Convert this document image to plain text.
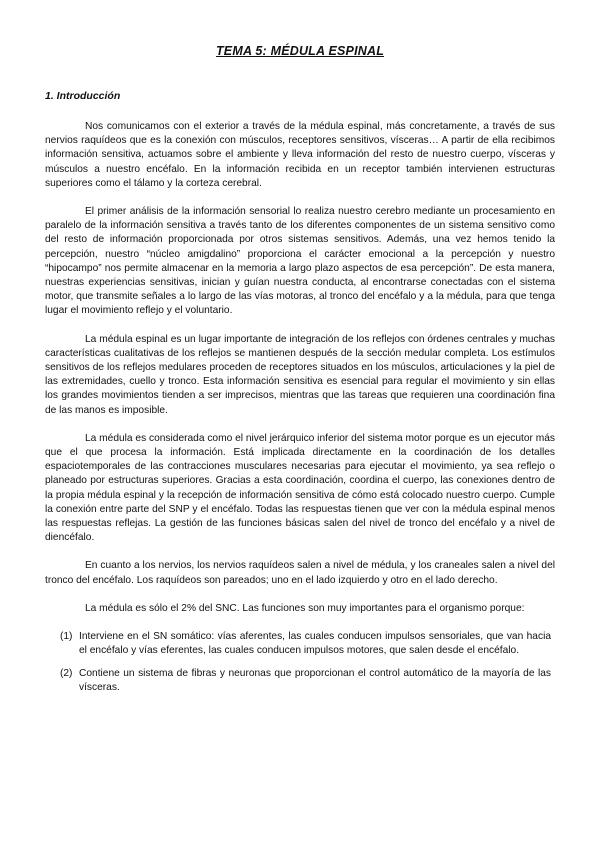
TEMA 5: MÉDULA ESPINAL
1. Introducción

Nos comunicamos con el exterior a través de la médula espinal, más concretamente, a través de sus nervios raquídeos que es la conexión con músculos, receptores sensitivos, vísceras… A partir de ella recibimos información sensitiva, actuamos sobre el ambiente y lleva información del resto de nuestro cuerpo, vísceras y músculos a nuestro encéfalo. En la información recibida en un receptor también intervienen estructuras superiores como el tálamo y la corteza cerebral.

El primer análisis de la información sensorial lo realiza nuestro cerebro mediante un procesamiento en paralelo de la información sensitiva a través tanto de los diferentes componentes de un sistema sensitivo como del resto de información proporcionada por otros sistemas sensitivos. Además, una vez hemos tenido la percepción, nuestro “núcleo amigdalino” proporciona el carácter emocional a la percepción y nuestro “hipocampo” nos permite almacenar en la memoria a largo plazo aspectos de esa percepción”. De esta manera, nuestras experiencias sensitivas, inician y guían nuestra conducta, al encontrarse conectadas con el sistema motor, que transmite señales a lo largo de las vías motoras, al tronco del encéfalo y a la médula, para que tenga lugar el movimiento reflejo y el voluntario.

La médula espinal es un lugar importante de integración de los reflejos con órdenes centrales y muchas características cualitativas de los reflejos se mantienen después de la sección medular completa. Los estímulos sensitivos de los reflejos medulares proceden de receptores situados en los músculos, articulaciones y la piel de las extremidades, cuello y tronco. Esta información sensitiva es esencial para regular el movimiento y sin ellas los grandes movimientos tienden a ser imprecisos, mientras que las tareas que requieren una coordinación fina de las manos es imposible.

La médula es considerada como el nivel jerárquico inferior del sistema motor porque es un ejecutor más que el que procesa la información. Está implicada directamente en la coordinación de los detalles espaciotemporales de las contracciones musculares necesarias para ejecutar el movimiento, ya sea reflejo o planeado por estructuras superiores. Gracias a esta coordinación, coordina el cuerpo, las conexiones dentro de la propia médula espinal y la recepción de información sensitiva de cómo está colocado nuestro cuerpo. Cumple la conexión entre parte del SNP y el encéfalo. Todas las respuestas tienen que ver con la médula espinal menos las respuestas reflejas. La gestión de las funciones básicas salen del nivel de tronco del encéfalo y a nivel de diencéfalo.

En cuanto a los nervios, los nervios raquídeos salen a nivel de médula, y los craneales salen a nivel del tronco del encéfalo. Los raquídeos son pareados; uno en el lado izquierdo y otro en el lado derecho.

La médula es sólo el 2% del SNC. Las funciones son muy importantes para el organismo porque:

(1) Interviene en el SN somático: vías aferentes, las cuales conducen impulsos sensoriales, que van hacia el encéfalo y vías eferentes, las cuales conducen impulsos motores, que salen desde el encéfalo.
(2) Contiene un sistema de fibras y neuronas que proporcionan el control automático de la mayoría de las vísceras.
